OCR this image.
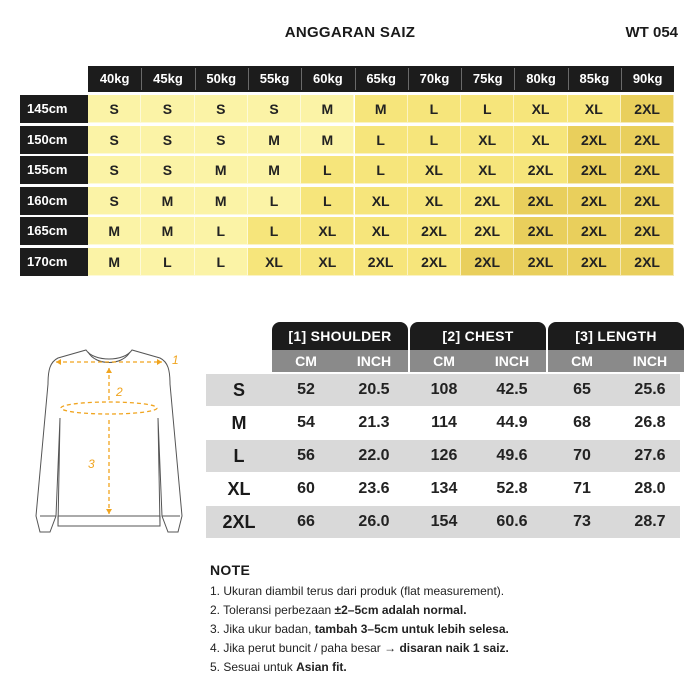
ANGGARAN SAIZ	WT 054
40kg	45kg	50kg	55kg	60kg	65kg	70kg	75kg	80kg	85kg	90kg
145cm	S	S	S	S	M	M	L	L	XL	XL	2XL
150cm	S	S	S	M	M	L	L	XL	XL	2XL	2XL
155cm	S	S	M	M	L	L	XL	XL	2XL	2XL	2XL
160cm	S	M	M	L	L	XL	XL	2XL	2XL	2XL	2XL
165cm	M	M	L	L	XL	XL	2XL	2XL	2XL	2XL	2XL
170cm	M	L	L	XL	XL	2XL	2XL	2XL	2XL	2XL	2XL
1
2
3
[1] SHOULDER	[2] CHEST	[3] LENGTH
CM	INCH	CM	INCH	CM	INCH
S	52	20.5	108	42.5	65	25.6
M	54	21.3	114	44.9	68	26.8
L	56	22.0	126	49.6	70	27.6
XL	60	23.6	134	52.8	71	28.0
2XL	66	26.0	154	60.6	73	28.7
NOTE
1. Ukuran diambil terus dari produk (flat measurement).
2. Toleransi perbezaan ±2–5cm adalah normal.
3. Jika ukur badan, tambah 3–5cm untuk lebih selesa.
4. Jika perut buncit / paha besar → disaran naik 1 saiz.
5. Sesuai untuk Asian fit.
